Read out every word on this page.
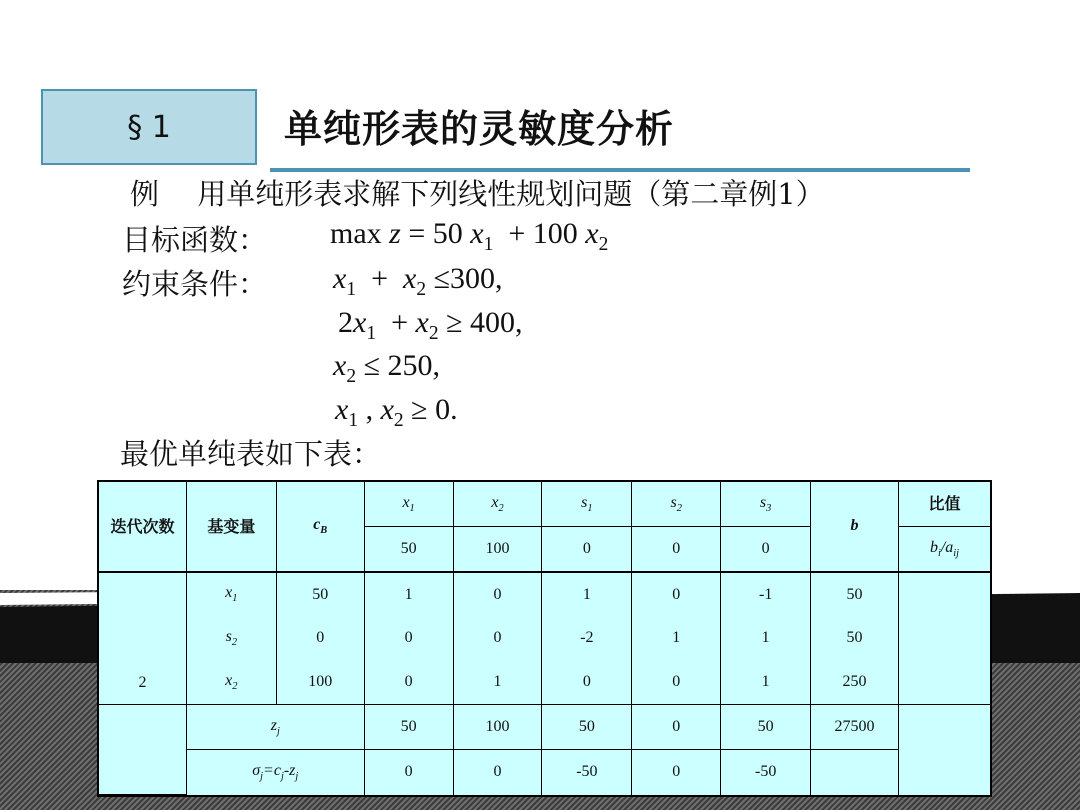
§ 1	单纯形表的灵敏度分析
例　 用单纯形表求解下列线性规划问题（第二章例1）
目标函数： max z = 50 $x_1 + 100$ $x_2$
约束条件： $x_1 + x_2 \le 300$,
$2x_1 + x_2 \ge 400$,
$x_2 \le 250$,
$x_1$ , $x_2 \ge 0$.
最优单纯表如下表：
迭代次数	基变量	$c_B$	$x_1$	$x_2$	$s_1$	$s_2$	$s_3$	b	比值
			50	100	0	0	0		$b_i/a_{ij}$
2	$x_1$	50	1	0	1	0	-1	50	
	$s_2$	0	0	0	-2	1	1	50	
	$x_2$	100	0	1	0	0	1	250	
	$z_j$		50	100	50	0	50	27500	
	$\sigma_j=c_j-z_j$		0	0	-50	0	-50		
